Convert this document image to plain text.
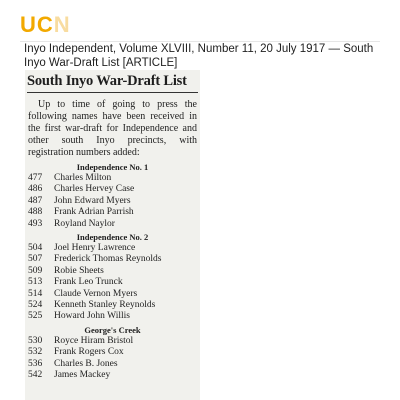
UCN
Inyo Independent, Volume XLVIII, Number 11, 20 July 1917 — South Inyo War-Draft List [ARTICLE]
South Inyo War-Draft List
Up to time of going to press the following names have been received in the first war-draft for Independence and other south Inyo precincts, with registration numbers added:
Independence No. 1
477 Charles Milton
486 Charles Hervey Case
487 John Edward Myers
488 Frank Adrian Parrish
493 Royland Naylor
Independence No. 2
504 Joel Henry Lawrence
507 Frederick Thomas Reynolds
509 Robie Sheets
513 Frank Leo Trunck
514 Claude Vernon Myers
524 Kenneth Stanley Reynolds
525 Howard John Willis
George's Creek
530 Royce Hiram Bristol
532 Frank Rogers Cox
536 Charles B. Jones
542 James Mackey
